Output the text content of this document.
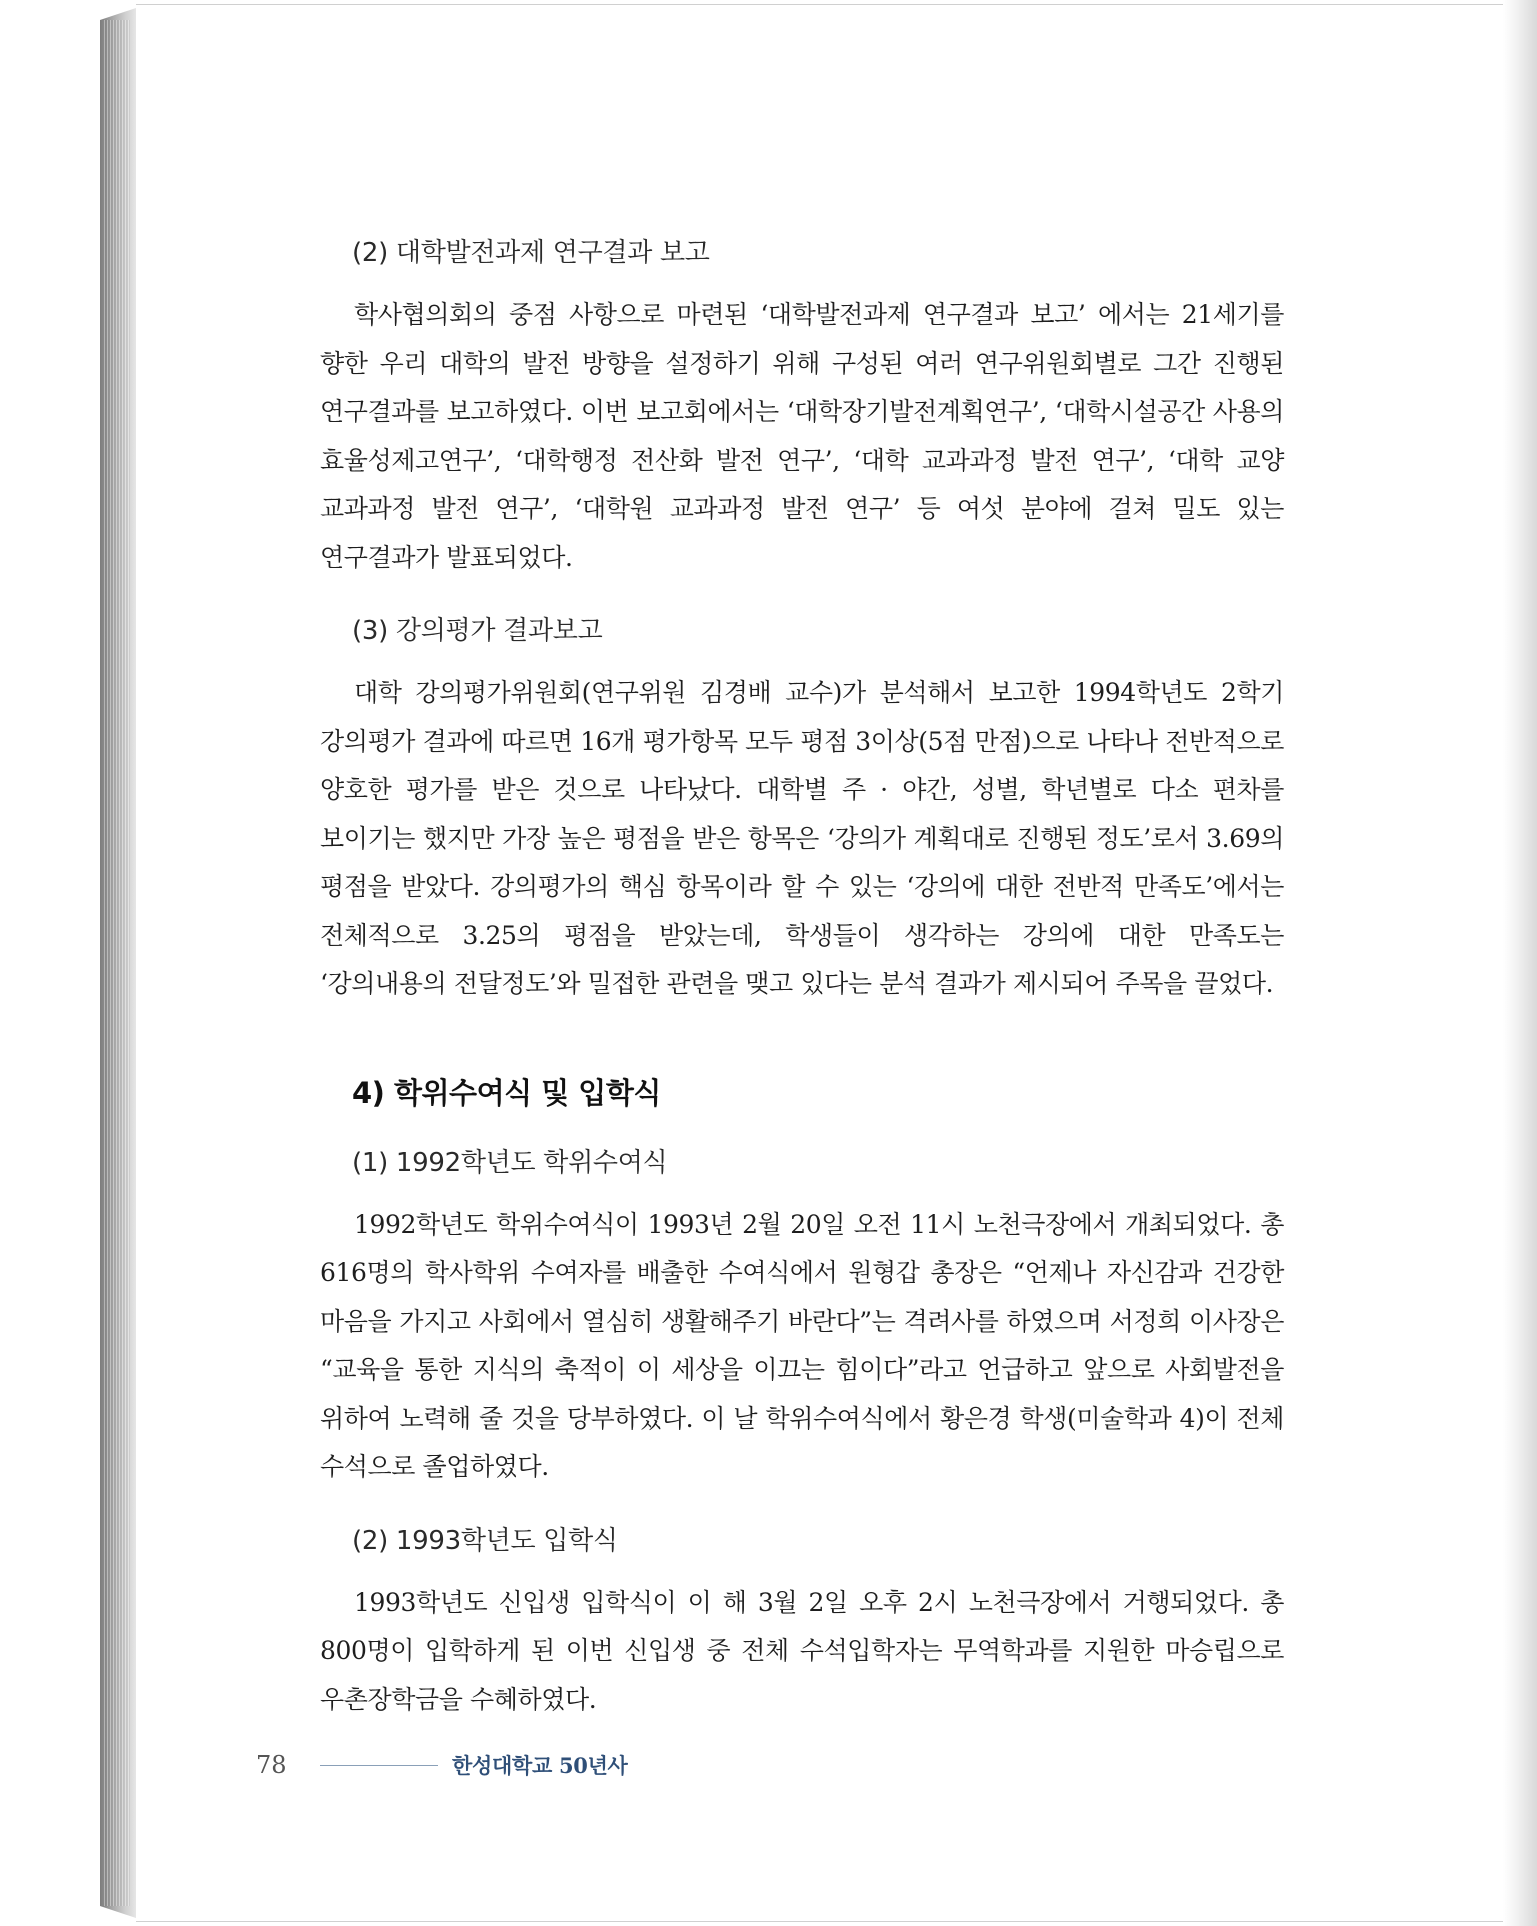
(2) 대학발전과제 연구결과 보고

학사협의회의 중점 사항으로 마련된 ‘대학발전과제 연구결과 보고’ 에서는 21세기를 향한 우리 대학의 발전 방향을 설정하기 위해 구성된 여러 연구위원회별로 그간 진행된 연구결과를 보고하였다. 이번 보고회에서는 ‘대학장기발전계획연구’, ‘대학시설공간 사용의 효율성제고연구’, ‘대학행정 전산화 발전 연구’, ‘대학 교과과정 발전 연구’, ‘대학 교양 교과과정 발전 연구’, ‘대학원 교과과정 발전 연구’ 등 여섯 분야에 걸쳐 밀도 있는 연구결과가 발표되었다.

(3) 강의평가 결과보고

대학 강의평가위원회(연구위원 김경배 교수)가 분석해서 보고한 1994학년도 2학기 강의평가 결과에 따르면 16개 평가항목 모두 평점 3이상(5점 만점)으로 나타나 전반적으로 양호한 평가를 받은 것으로 나타났다. 대학별 주 · 야간, 성별, 학년별로 다소 편차를 보이기는 했지만 가장 높은 평점을 받은 항목은 ‘강의가 계획대로 진행된 정도’로서 3.69의 평점을 받았다. 강의평가의 핵심 항목이라 할 수 있는 ‘강의에 대한 전반적 만족도’에서는 전체적으로 3.25의 평점을 받았는데, 학생들이 생각하는 강의에 대한 만족도는 ‘강의내용의 전달정도’와 밀접한 관련을 맺고 있다는 분석 결과가 제시되어 주목을 끌었다.

4) 학위수여식 및 입학식
(1) 1992학년도 학위수여식

1992학년도 학위수여식이 1993년 2월 20일 오전 11시 노천극장에서 개최되었다. 총 616명의 학사학위 수여자를 배출한 수여식에서 원형갑 총장은 “언제나 자신감과 건강한 마음을 가지고 사회에서 열심히 생활해주기 바란다”는 격려사를 하였으며 서정희 이사장은 “교육을 통한 지식의 축적이 이 세상을 이끄는 힘이다”라고 언급하고 앞으로 사회발전을 위하여 노력해 줄 것을 당부하였다. 이 날 학위수여식에서 황은경 학생(미술학과 4)이 전체 수석으로 졸업하였다.

(2) 1993학년도 입학식

1993학년도 신입생 입학식이 이 해 3월 2일 오후 2시 노천극장에서 거행되었다. 총 800명이 입학하게 된 이번 신입생 중 전체 수석입학자는 무역학과를 지원한 마승립으로 우촌장학금을 수혜하였다.

78	한성대학교 50년사
